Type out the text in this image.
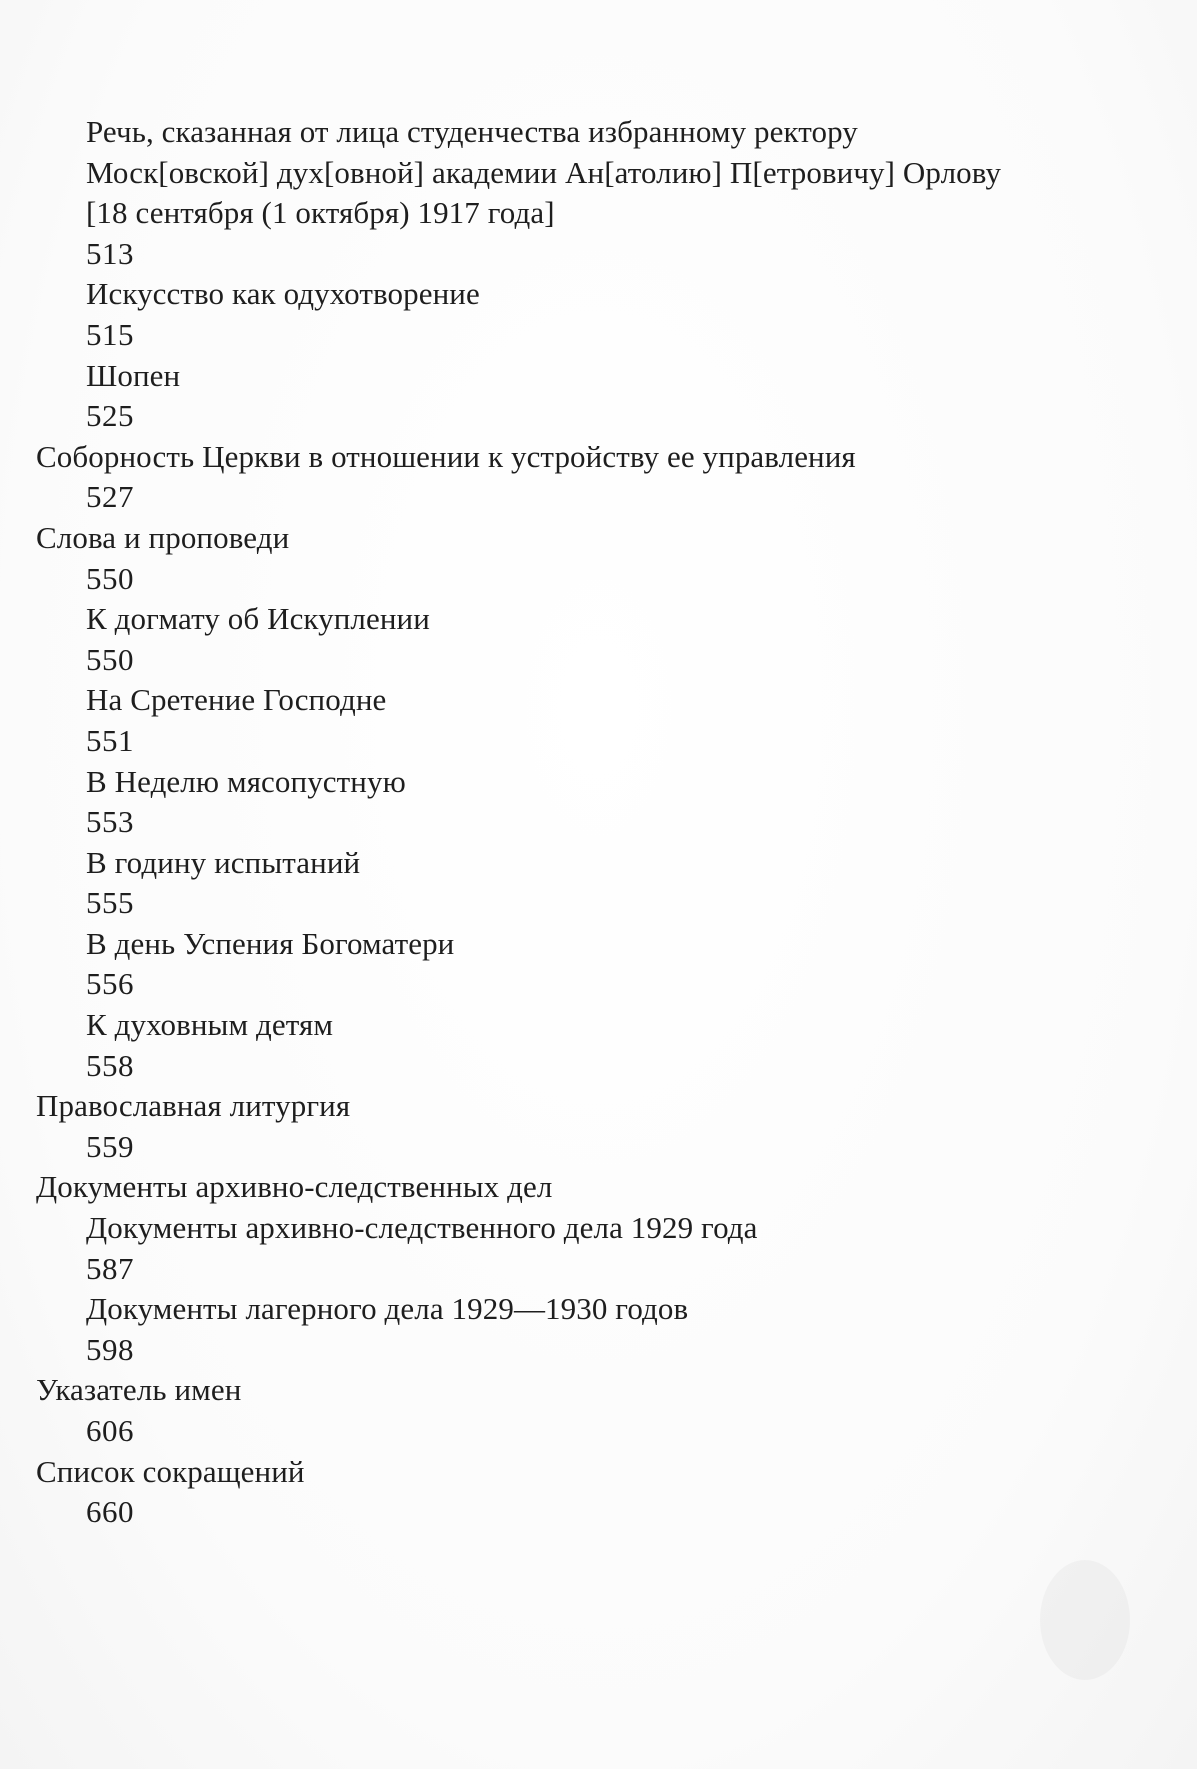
Речь, сказанная от лица студенчества избранному ректору
Моск[овской] дух[овной] академии Ан[атолию] П[етровичу] Орлову
[18 сентября (1 октября) 1917 года]
513
Искусство как одухотворение
515
Шопен
525
Соборность Церкви в отношении к устройству ее управления
527
Слова и проповеди
550
К догмату об Искуплении
550
На Сретение Господне
551
В Неделю мясопустную
553
В годину испытаний
555
В день Успения Богоматери
556
К духовным детям
558
Православная литургия
559
Документы архивно-следственных дел
Документы архивно-следственного дела 1929 года
587
Документы лагерного дела 1929—1930 годов
598
Указатель имен
606
Список сокращений
660
